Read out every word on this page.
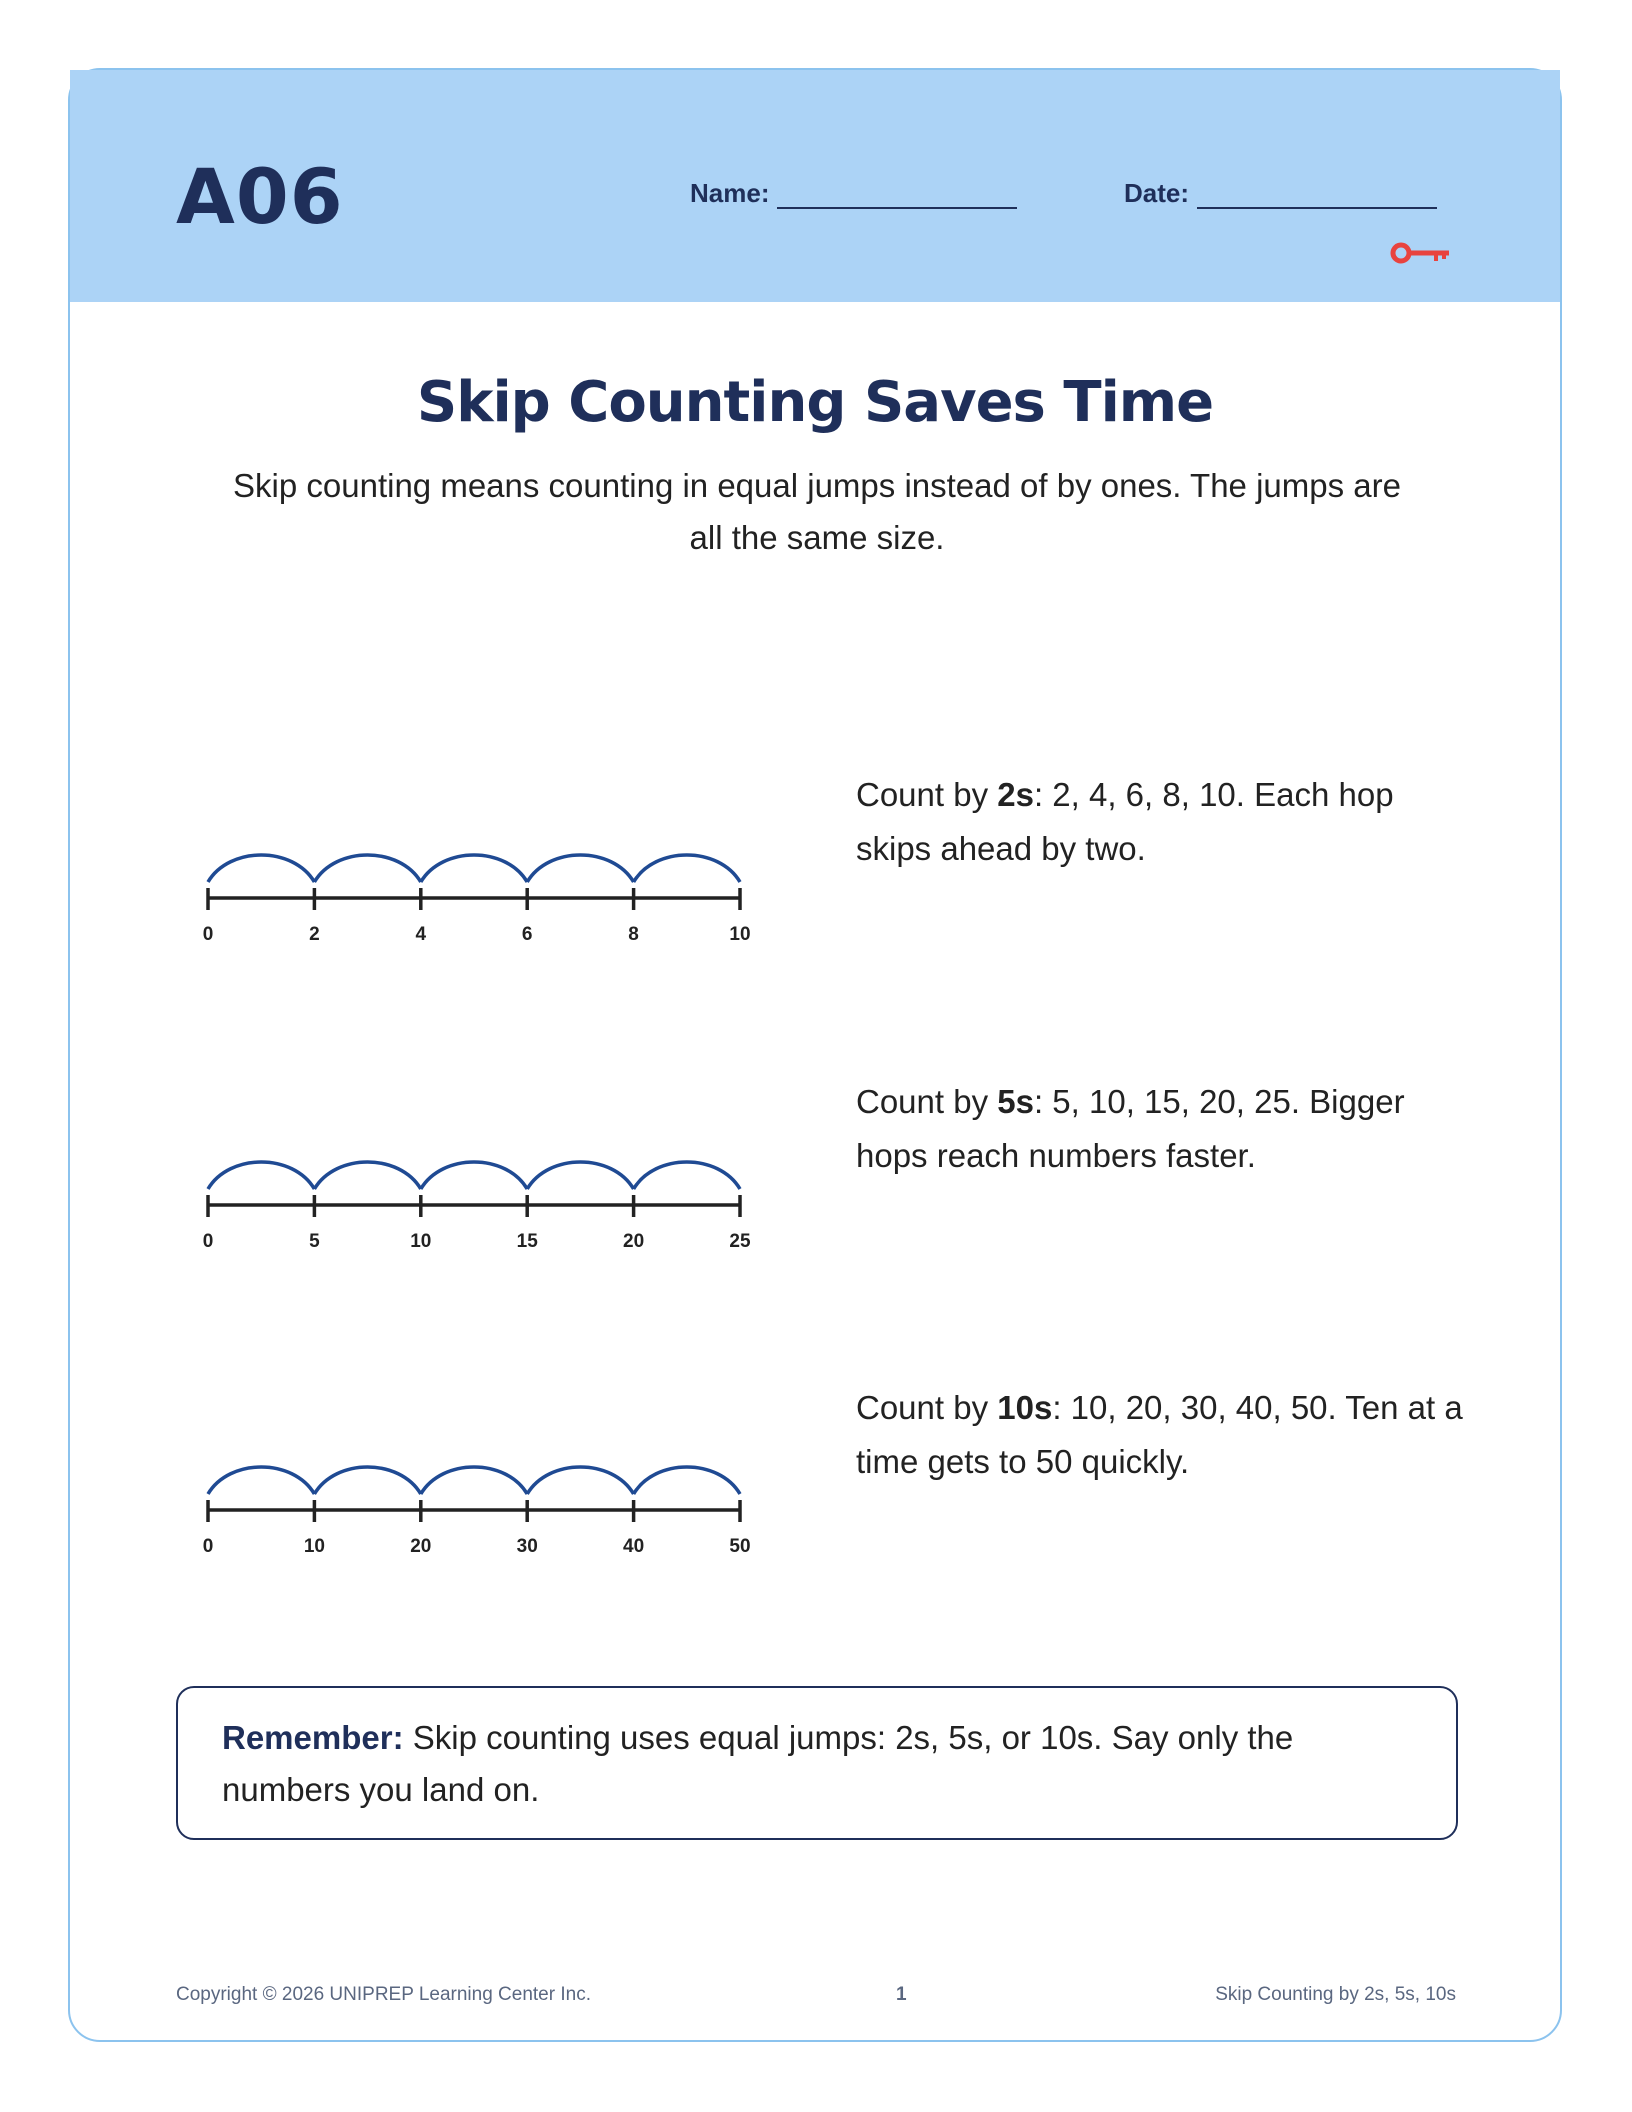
A06	Name:	Date:
Skip Counting Saves Time
Skip counting means counting in equal jumps instead of by ones. The jumps are all the same size.
0	2	4	6	8	10
Count by 2s: 2, 4, 6, 8, 10. Each hop skips ahead by two.
0	5	10	15	20	25
Count by 5s: 5, 10, 15, 20, 25. Bigger hops reach numbers faster.
0	10	20	30	40	50
Count by 10s: 10, 20, 30, 40, 50. Ten at a time gets to 50 quickly.
Remember: Skip counting uses equal jumps: 2s, 5s, or 10s. Say only the numbers you land on.
Copyright © 2026 UNIPREP Learning Center Inc.	1	Skip Counting by 2s, 5s, 10s
